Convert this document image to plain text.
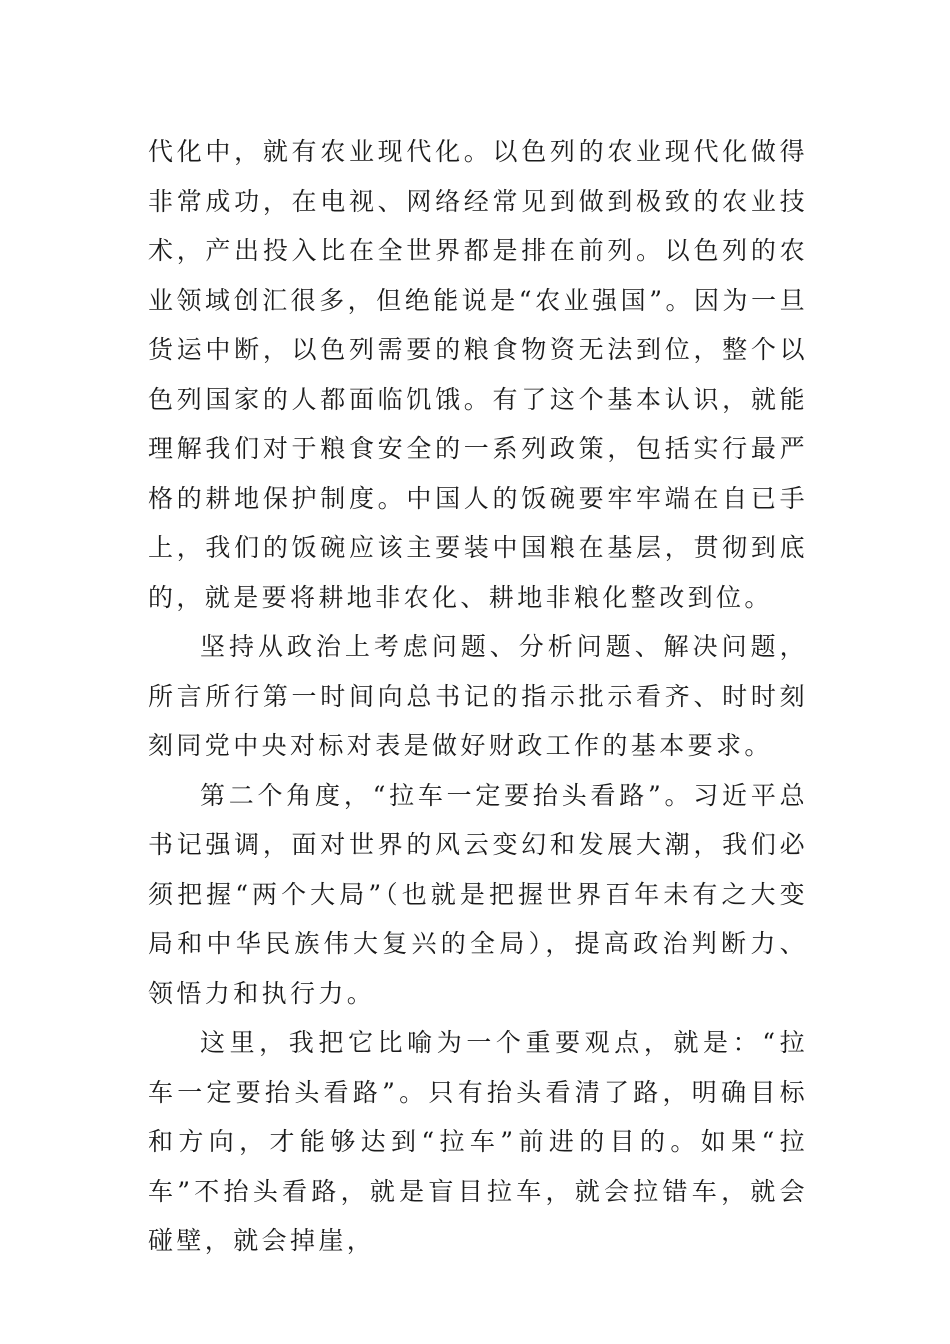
代化中，就有农业现代化。以色列的农业现代化做得非常成功，在电视、网络经常见到做到极致的农业技术，产出投入比在全世界都是排在前列。以色列的农业领域创汇很多，但绝能说是“农业强国”。因为一旦货运中断，以色列需要的粮食物资无法到位，整个以色列国家的人都面临饥饿。有了这个基本认识，就能理解我们对于粮食安全的一系列政策，包括实行最严格的耕地保护制度。中国人的饭碗要牢牢端在自已手上，我们的饭碗应该主要装中国粮在基层，贯彻到底的，就是要将耕地非农化、耕地非粮化整改到位。

坚持从政治上考虑问题、分析问题、解决问题，所言所行第一时间向总书记的指示批示看齐、时时刻刻同党中央对标对表是做好财政工作的基本要求。

第二个角度，“拉车一定要抬头看路”。习近平总书记强调，面对世界的风云变幻和发展大潮，我们必须把握“两个大局”（也就是把握世界百年未有之大变局和中华民族伟大复兴的全局），提高政治判断力、领悟力和执行力。

这里，我把它比喻为一个重要观点，就是：“拉车一定要抬头看路”。只有抬头看清了路，明确目标和方向，才能够达到“拉车”前进的目的。如果“拉车”不抬头看路，就是盲目拉车，就会拉错车，就会碰壁，就会掉崖，
